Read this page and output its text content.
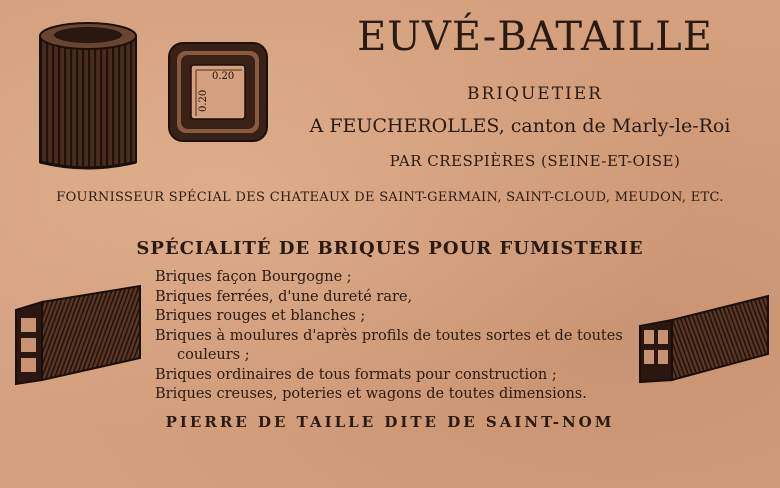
0.20
0.20
EUVÉ-BATAILLE
BRIQUETIER
A FEUCHEROLLES, canton de Marly-le-Roi
PAR CRESPIÈRES (SEINE-ET-OISE)
FOURNISSEUR SPÉCIAL DES CHATEAUX DE SAINT-GERMAIN, SAINT-CLOUD, MEUDON, ETC.
SPÉCIALITÉ DE BRIQUES POUR FUMISTERIE
Briques façon Bourgogne ;
Briques ferrées, d'une dureté rare,
Briques rouges et blanches ;
Briques à moulures d'après profils de toutes sortes et de toutes
couleurs ;
Briques ordinaires de tous formats pour construction ;
Briques creuses, poteries et wagons de toutes dimensions.
PIERRE DE TAILLE DITE DE SAINT-NOM
